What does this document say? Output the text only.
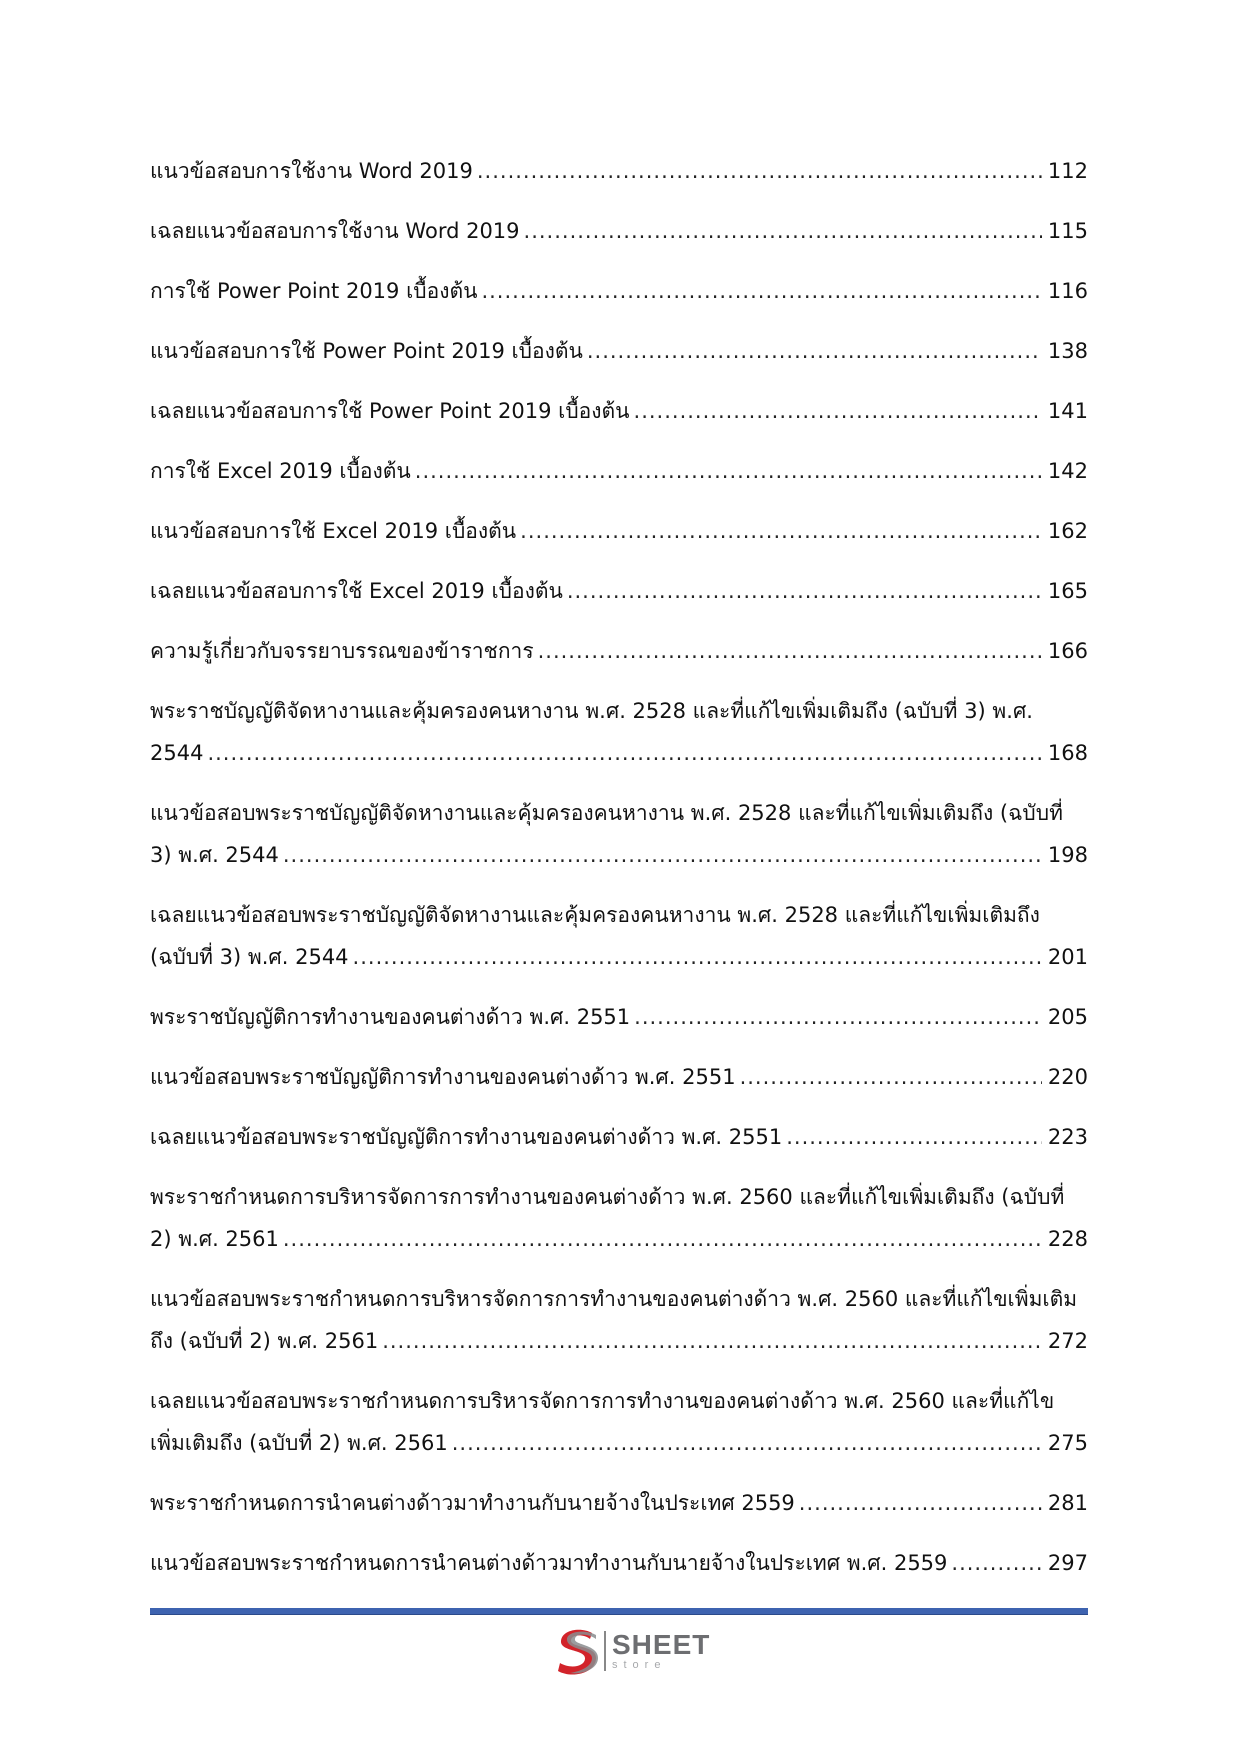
แนวข้อสอบการใช้งาน Word 2019 .....	112
เฉลยแนวข้อสอบการใช้งาน Word 2019 .....	115
การใช้ Power Point 2019 เบื้องต้น .....	116
แนวข้อสอบการใช้ Power Point 2019 เบื้องต้น .....	138
เฉลยแนวข้อสอบการใช้ Power Point 2019 เบื้องต้น .....	141
การใช้ Excel 2019 เบื้องต้น .....	142
แนวข้อสอบการใช้ Excel 2019 เบื้องต้น .....	162
เฉลยแนวข้อสอบการใช้ Excel 2019 เบื้องต้น .....	165
ความรู้เกี่ยวกับจรรยาบรรณของข้าราชการ .....	166
พระราชบัญญัติจัดหางานและคุ้มครองคนหางาน พ.ศ. 2528 และที่แก้ไขเพิ่มเติมถึง (ฉบับที่ 3) พ.ศ.
2544 .....	168
แนวข้อสอบพระราชบัญญัติจัดหางานและคุ้มครองคนหางาน พ.ศ. 2528 และที่แก้ไขเพิ่มเติมถึง (ฉบับที่
3) พ.ศ. 2544 .....	198
เฉลยแนวข้อสอบพระราชบัญญัติจัดหางานและคุ้มครองคนหางาน พ.ศ. 2528 และที่แก้ไขเพิ่มเติมถึง
(ฉบับที่ 3) พ.ศ. 2544 .....	201
พระราชบัญญัติการทำงานของคนต่างด้าว พ.ศ. 2551 .....	205
แนวข้อสอบพระราชบัญญัติการทำงานของคนต่างด้าว พ.ศ. 2551 .....	220
เฉลยแนวข้อสอบพระราชบัญญัติการทำงานของคนต่างด้าว พ.ศ. 2551 .....	223
พระราชกำหนดการบริหารจัดการการทำงานของคนต่างด้าว พ.ศ. 2560 และที่แก้ไขเพิ่มเติมถึง (ฉบับที่
2) พ.ศ. 2561 .....	228
แนวข้อสอบพระราชกำหนดการบริหารจัดการการทำงานของคนต่างด้าว พ.ศ. 2560 และที่แก้ไขเพิ่มเติม
ถึง (ฉบับที่ 2) พ.ศ. 2561 .....	272
เฉลยแนวข้อสอบพระราชกำหนดการบริหารจัดการการทำงานของคนต่างด้าว พ.ศ. 2560 และที่แก้ไข
เพิ่มเติมถึง (ฉบับที่ 2) พ.ศ. 2561 .....	275
พระราชกำหนดการนำคนต่างด้าวมาทำงานกับนายจ้างในประเทศ 2559 .....	281
แนวข้อสอบพระราชกำหนดการนำคนต่างด้าวมาทำงานกับนายจ้างในประเทศ พ.ศ. 2559 .....	297
SHEET
store
